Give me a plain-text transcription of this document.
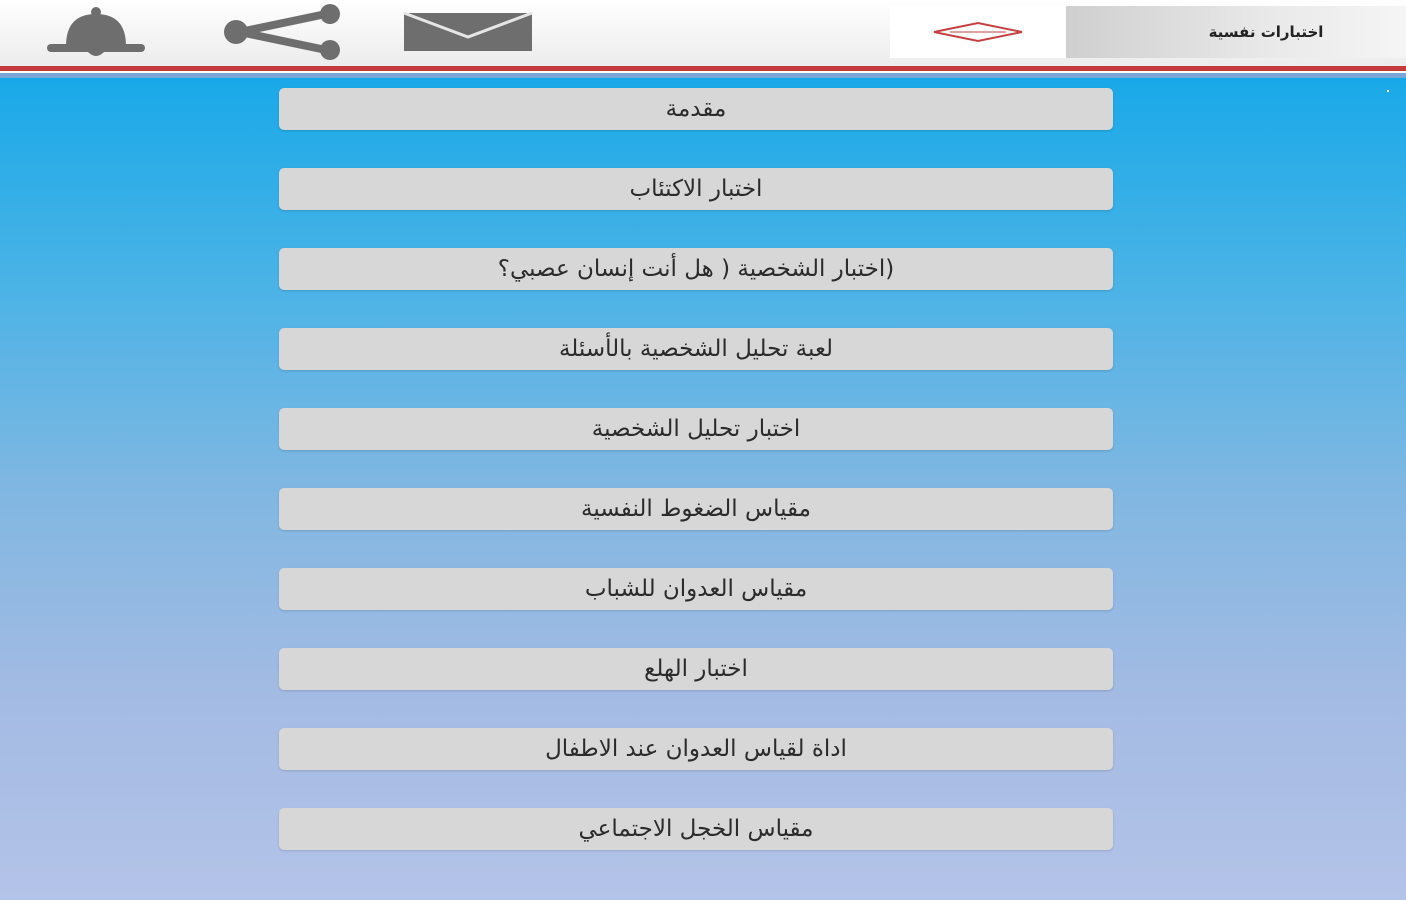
اختبارات نفسية
مقدمة
اختبار الاكتئاب
(اختبار الشخصية ( هل أنت إنسان عصبي؟
لعبة تحليل الشخصية بالأسئلة
اختبار تحليل الشخصية
مقياس الضغوط النفسية
مقياس العدوان للشباب
اختبار الهلع
اداة لقياس العدوان عند الاطفال
مقياس الخجل الاجتماعي
